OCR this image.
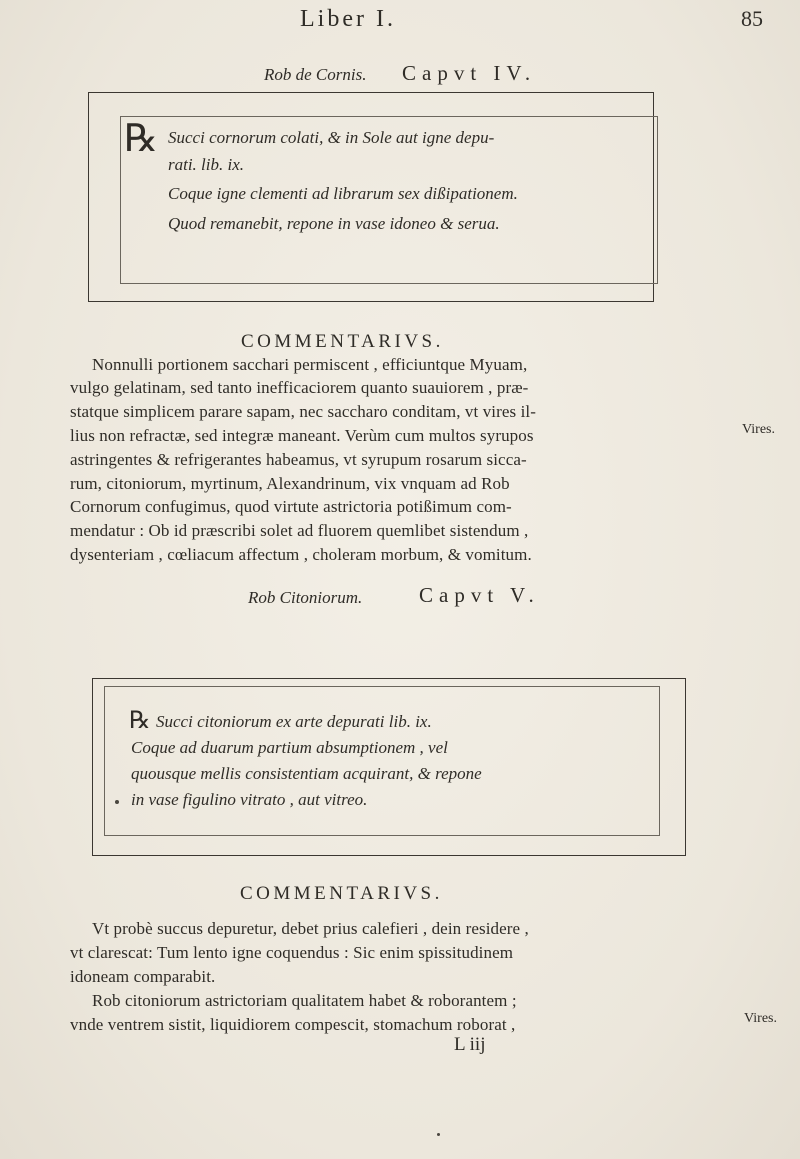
Liber I.	85
Rob de Cornis. Capvt IV.
℞ Succi cornorum colati, & in Sole aut igne depu-
rati. lib. ix.
Coque igne clementi ad librarum sex dißipationem.
Quod remanebit, repone in vase idoneo & serua.
COMMENTARIVS.
Nonnulli portionem sacchari permiscent , efficiuntque Myuam,
vulgo gelatinam, sed tanto inefficaciorem quanto suauiorem , præ-
statque simplicem parare sapam, nec saccharo conditam, vt vires il-
lius non refractæ, sed integræ maneant. Verùm cum multos syrupos
astringentes & refrigerantes habeamus, vt syrupum rosarum sicca-
rum, citoniorum, myrtinum, Alexandrinum, vix vnquam ad Rob
Cornorum confugimus, quod virtute astrictoria potißimum com-
mendatur : Ob id præscribi solet ad fluorem quemlibet sistendum ,
dysenteriam , cœliacum affectum , choleram morbum, & vomitum.
Vires.
Rob Citoniorum.	Capvt V.
℞ Succi citoniorum ex arte depurati lib. ix.
Coque ad duarum partium absumptionem , vel
quousque mellis consistentiam acquirant, & repone
in vase figulino vitrato , aut vitreo.
COMMENTARIVS.
Vt probè succus depuretur, debet prius calefieri , dein residere ,
vt clarescat: Tum lento igne coquendus : Sic enim spissitudinem
idoneam comparabit.
Rob citoniorum astrictoriam qualitatem habet & roborantem ;
vnde ventrem sistit, liquidiorem compescit, stomachum roborat ,	Vires.
L iij
